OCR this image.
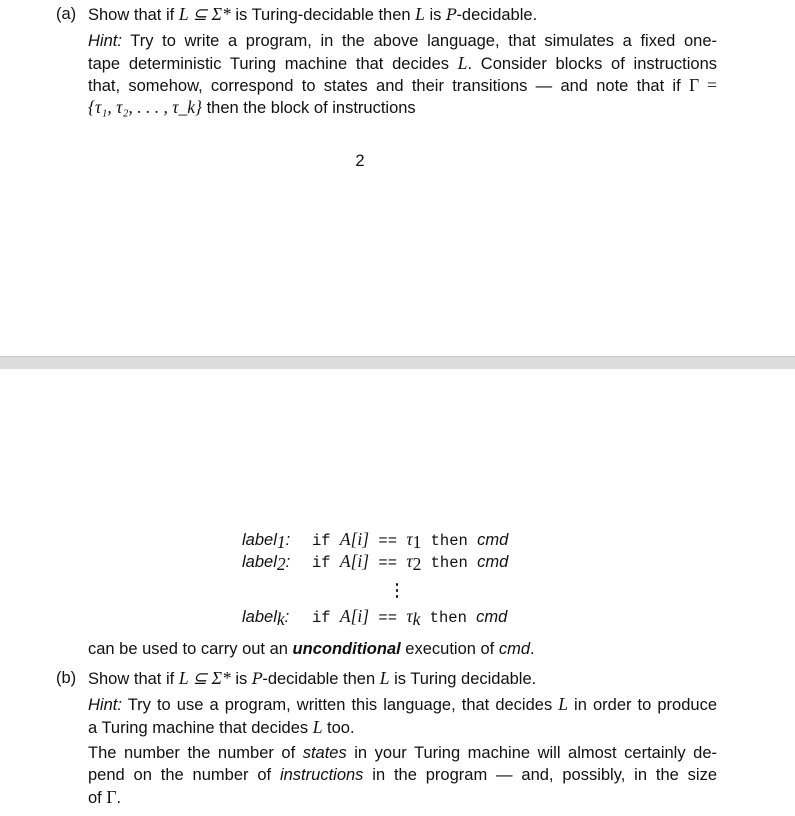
(a) Show that if L ⊆ Σ* is Turing-decidable then L is P-decidable.
Hint: Try to write a program, in the above language, that simulates a fixed one-
tape deterministic Turing machine that decides L. Consider blocks of instructions
that, somehow, correspond to states and their transitions — and note that if Γ =
{τ₁, τ₂, . . . , τ_k} then the block of instructions
2
label$_1$: if $A[i] == \tau_1$ then cmd
label$_2$: if $A[i] == \tau_2$ then cmd
label$_k$: if $A[i] == \tau_k$ then cmd
can be used to carry out an unconditional execution of cmd.
(b) Show that if L ⊆ Σ* is P-decidable then L is Turing decidable.
Hint: Try to use a program, written this language, that decides L in order to produce
a Turing machine that decides L too.
The number the number of states in your Turing machine will almost certainly de-
pend on the number of instructions in the program — and, possibly, in the size
of Γ.
